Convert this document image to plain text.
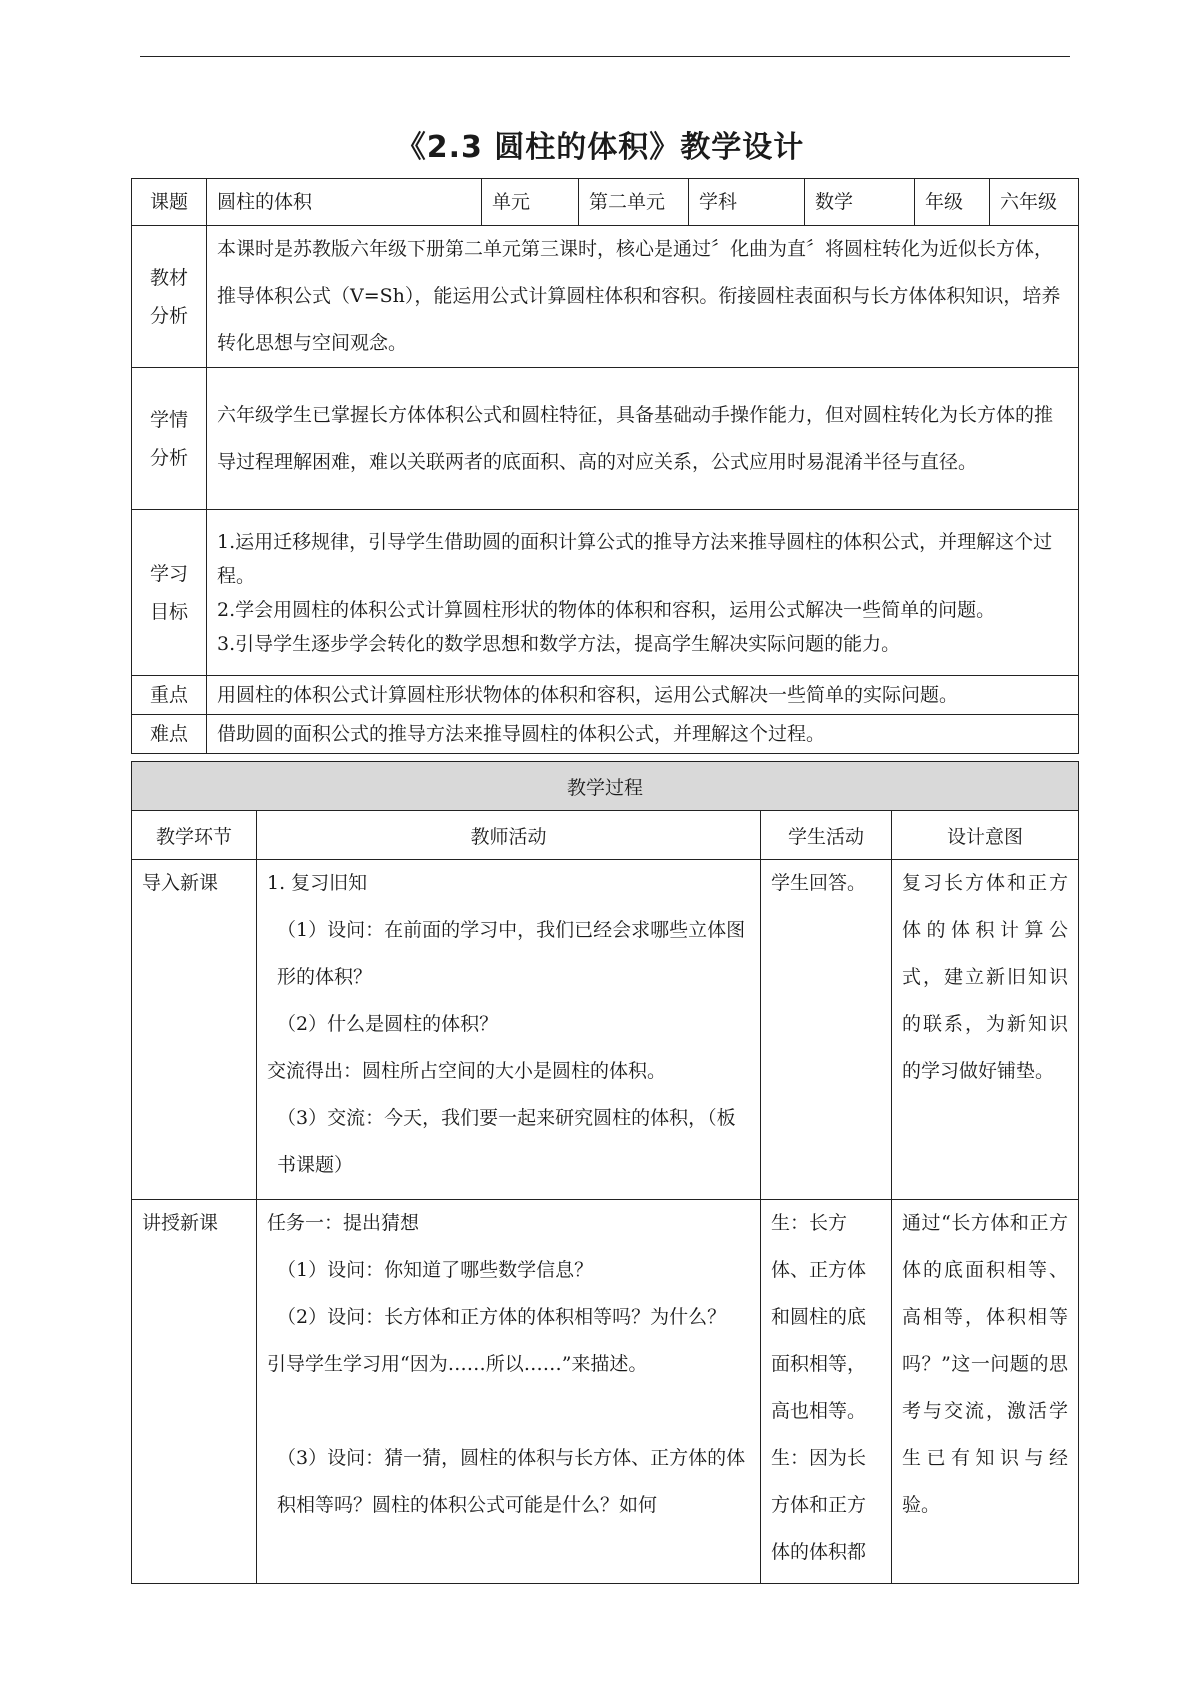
《2.3 圆柱的体积》教学设计
课题	圆柱的体积	单元	第二单元	学科	数学	年级	六年级

教材
分析	本课时是苏教版六年级下册第二单元第三课时，核心是通过〞化曲为直〞将圆柱转化为近似长方体，推导体积公式（V=Sh），能运用公式计算圆柱体积和容积。衔接圆柱表面积与长方体体积知识，培养转化思想与空间观念。						

学情
分析	六年级学生已掌握长方体体积公式和圆柱特征，具备基础动手操作能力，但对圆柱转化为长方体的推导过程理解困难，难以关联两者的底面积、高的对应关系，公式应用时易混淆半径与直径。						

学习
目标	1.运用迁移规律，引导学生借助圆的面积计算公式的推导方法来推导圆柱的体积公式，并理解这个过程。
2.学会用圆柱的体积公式计算圆柱形状的物体的体积和容积，运用公式解决一些简单的问题。
3.引导学生逐步学会转化的数学思想和数学方法，提高学生解决实际问题的能力。						

重点	用圆柱的体积公式计算圆柱形状物体的体积和容积，运用公式解决一些简单的实际问题。						
难点	借助圆的面积公式的推导方法来推导圆柱的体积公式，并理解这个过程。						
教学过程			
教学环节	教师活动	学生活动	设计意图
导入新课	1. 复习旧知
（1）设问：在前面的学习中，我们已经会求哪些立体图形的体积？
（2）什么是圆柱的体积？
交流得出：圆柱所占空间的大小是圆柱的体积。
（3）交流：今天，我们要一起来研究圆柱的体积，（板书课题）	学生回答。	复习长方体和正方体的体积计算公式，建立新旧知识的联系，为新知识的学习做好铺垫。
讲授新课	任务一：提出猜想
（1）设问：你知道了哪些数学信息？
（2）设问：长方体和正方体的体积相等吗？为什么？
引导学生学习用“因为……所以……”来描述。
（3）设问：猜一猜，圆柱的体积与长方体、正方体的体积相等吗？圆柱的体积公式可能是什么？如何	生：长方体、正方体和圆柱的底面积相等，高也相等。生：因为长方体和正方体的体积都	通过“长方体和正方体的底面积相等、高相等，体积相等吗？”这一问题的思考与交流，激活学生已有知识与经验。
